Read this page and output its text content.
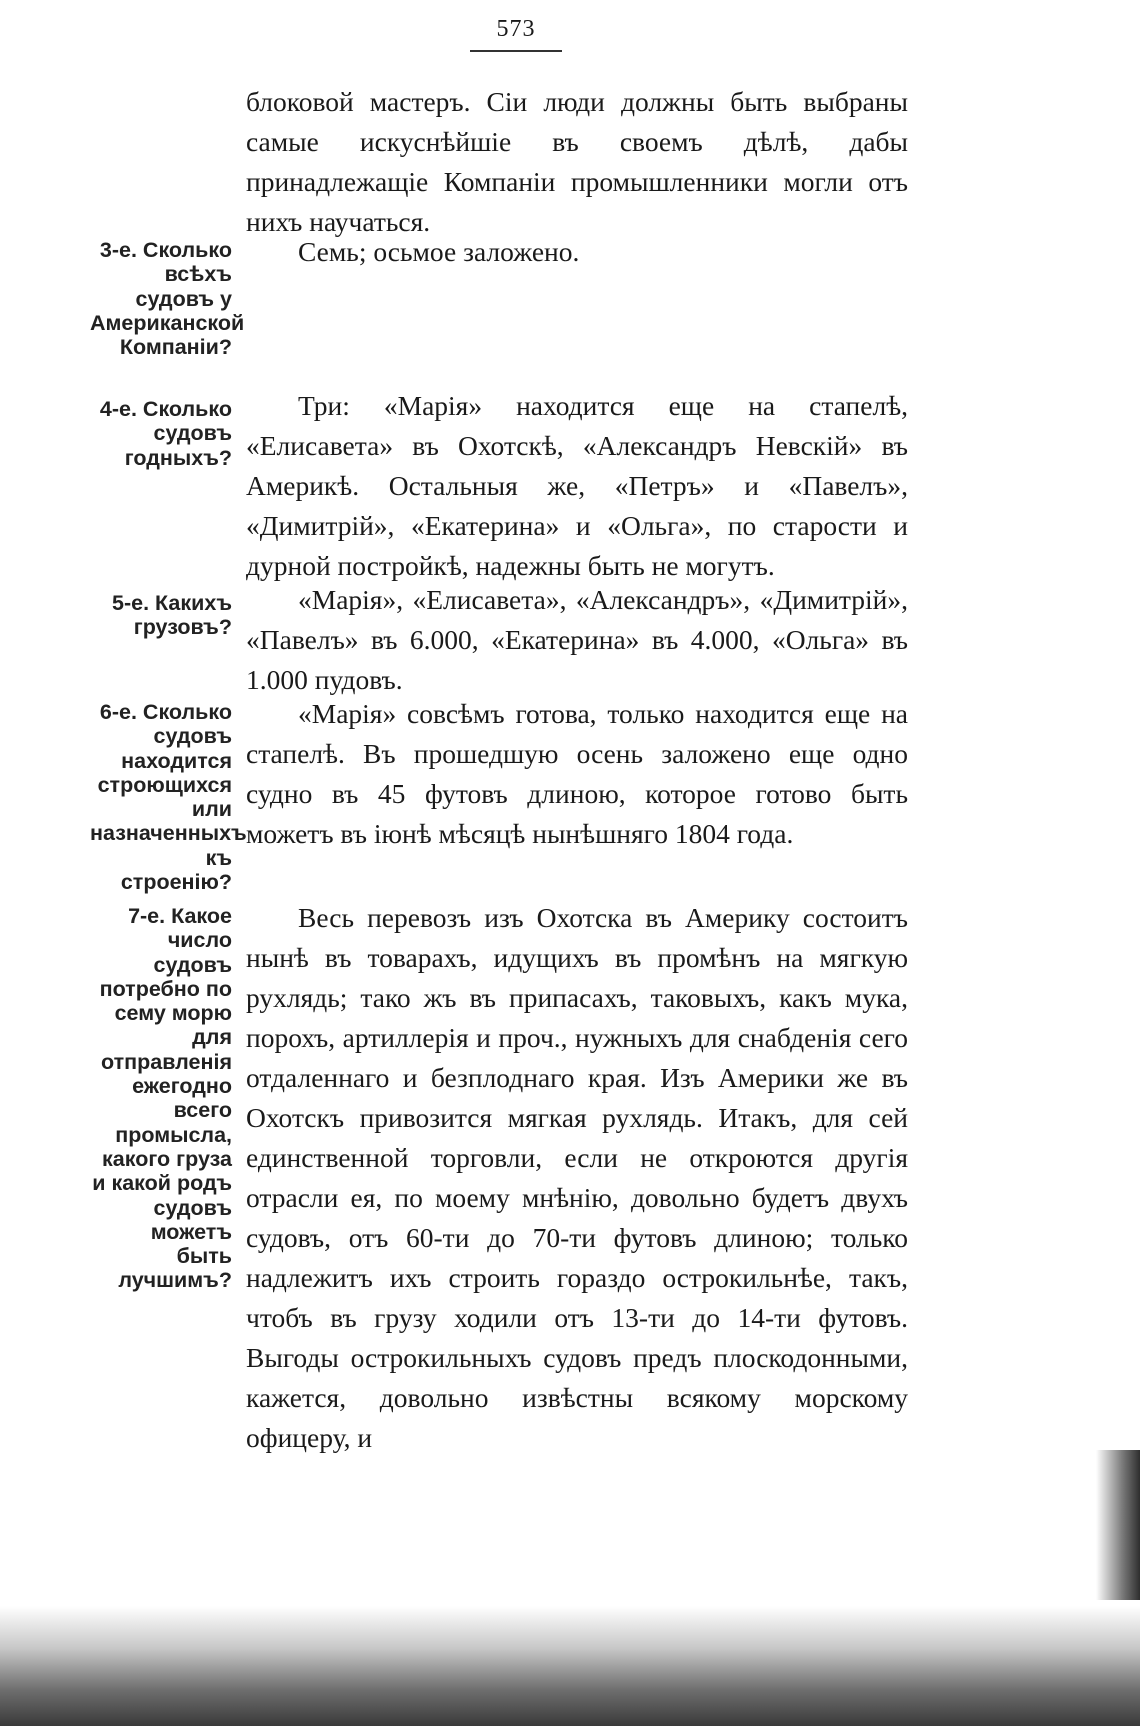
573

блоковой мастеръ. Сіи люди должны быть выбраны самые искуснѣйшіе въ своемъ дѣлѣ, дабы принадлежащіе Компаніи промышленники могли отъ нихъ научаться.

Семь; осьмое заложено.

Три: «Марія» находится еще на стапелѣ, «Елисавета» въ Охотскѣ, «Александръ Невскій» въ Америкѣ. Остальныя же, «Петръ» и «Павелъ», «Димитрій», «Екатерина» и «Ольга», по старости и дурной постройкѣ, надежны быть не могутъ.

«Марія», «Елисавета», «Александръ», «Димитрій», «Павелъ» въ 6.000, «Екатерина» въ 4.000, «Ольга» въ 1.000 пудовъ.

«Марія» совсѣмъ готова, только находится еще на стапелѣ. Въ прошедшую осень заложено еще одно судно въ 45 футовъ длиною, которое готово быть можетъ въ іюнѣ мѣсяцѣ нынѣшняго 1804 года.

Весь перевозъ изъ Охотска въ Америку состоитъ нынѣ въ товарахъ, идущихъ въ промѣнъ на мягкую рухлядь; тако жъ въ припасахъ, таковыхъ, какъ мука, порохъ, артиллерія и проч., нужныхъ для снабденія сего отдаленнаго и безплоднаго края. Изъ Америки же въ Охотскъ привозится мягкая рухлядь. Итакъ, для сей единственной торговли, если не откроются другія отрасли ея, по моему мнѣнію, довольно будетъ двухъ судовъ, отъ 60-ти до 70-ти футовъ длиною; только надлежитъ ихъ строить гораздо острокильнѣе, такъ, чтобъ въ грузу ходили отъ 13-ти до 14-ти футовъ. Выгоды острокильныхъ судовъ предъ плоскодонными, кажется, довольно извѣстны всякому морскому офицеру, и

3-е. Сколько всѣхъ судовъ у Американской Компаніи?

4-е. Сколько судовъ годныхъ?

5-е. Какихъ грузовъ?

6-е. Сколько судовъ находится строющихся или назначенныхъ къ строенію?

7-е. Какое число судовъ потребно по сему морю для отправленія ежегодно всего промысла, какого груза и какой родъ судовъ можетъ быть лучшимъ?
